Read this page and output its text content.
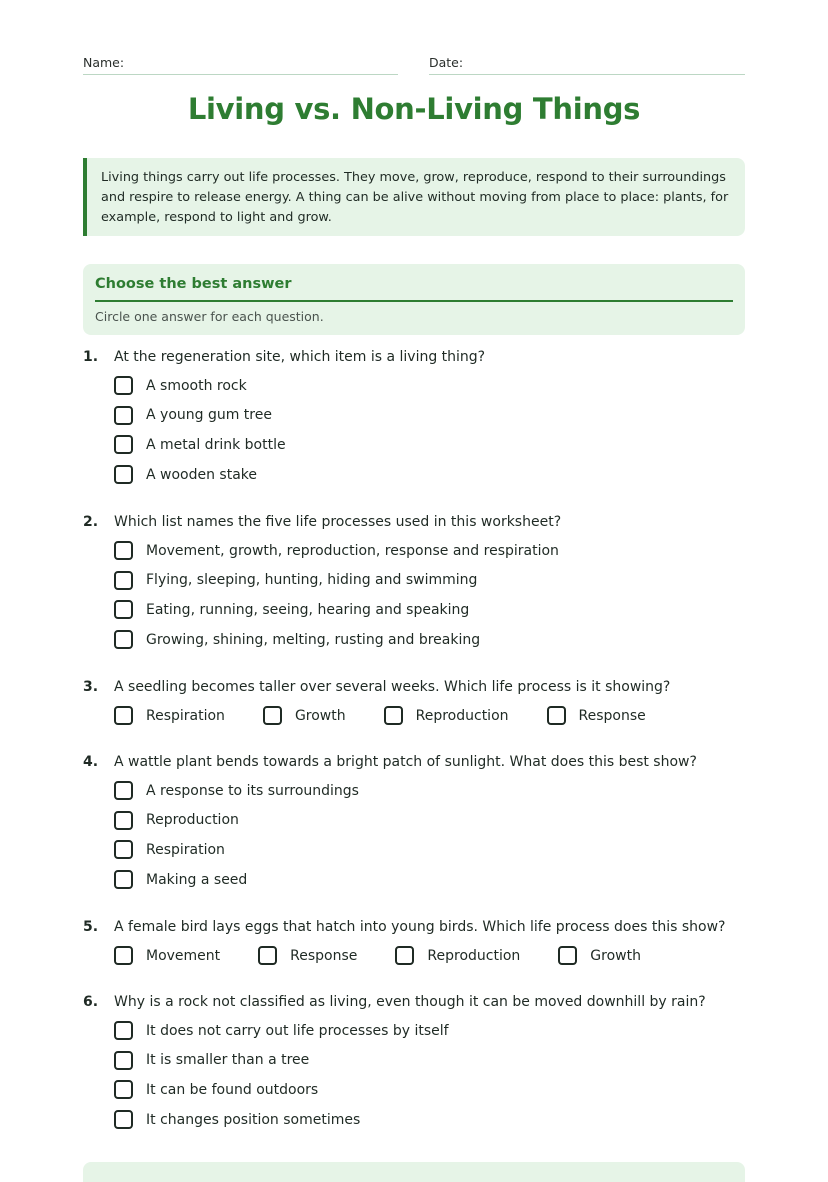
Name:	Date:
Living vs. Non-Living Things
Living things carry out life processes. They move, grow, reproduce, respond to their surroundings and respire to release energy. A thing can be alive without moving from place to place: plants, for example, respond to light and grow.
Choose the best answer
Circle one answer for each question.
1. At the regeneration site, which item is a living thing?
A smooth rock
A young gum tree
A metal drink bottle
A wooden stake
2. Which list names the five life processes used in this worksheet?
Movement, growth, reproduction, response and respiration
Flying, sleeping, hunting, hiding and swimming
Eating, running, seeing, hearing and speaking
Growing, shining, melting, rusting and breaking
3. A seedling becomes taller over several weeks. Which life process is it showing?
Respiration	Growth	Reproduction	Response
4. A wattle plant bends towards a bright patch of sunlight. What does this best show?
A response to its surroundings
Reproduction
Respiration
Making a seed
5. A female bird lays eggs that hatch into young birds. Which life process does this show?
Movement	Response	Reproduction	Growth
6. Why is a rock not classified as living, even though it can be moved downhill by rain?
It does not carry out life processes by itself
It is smaller than a tree
It can be found outdoors
It changes position sometimes
